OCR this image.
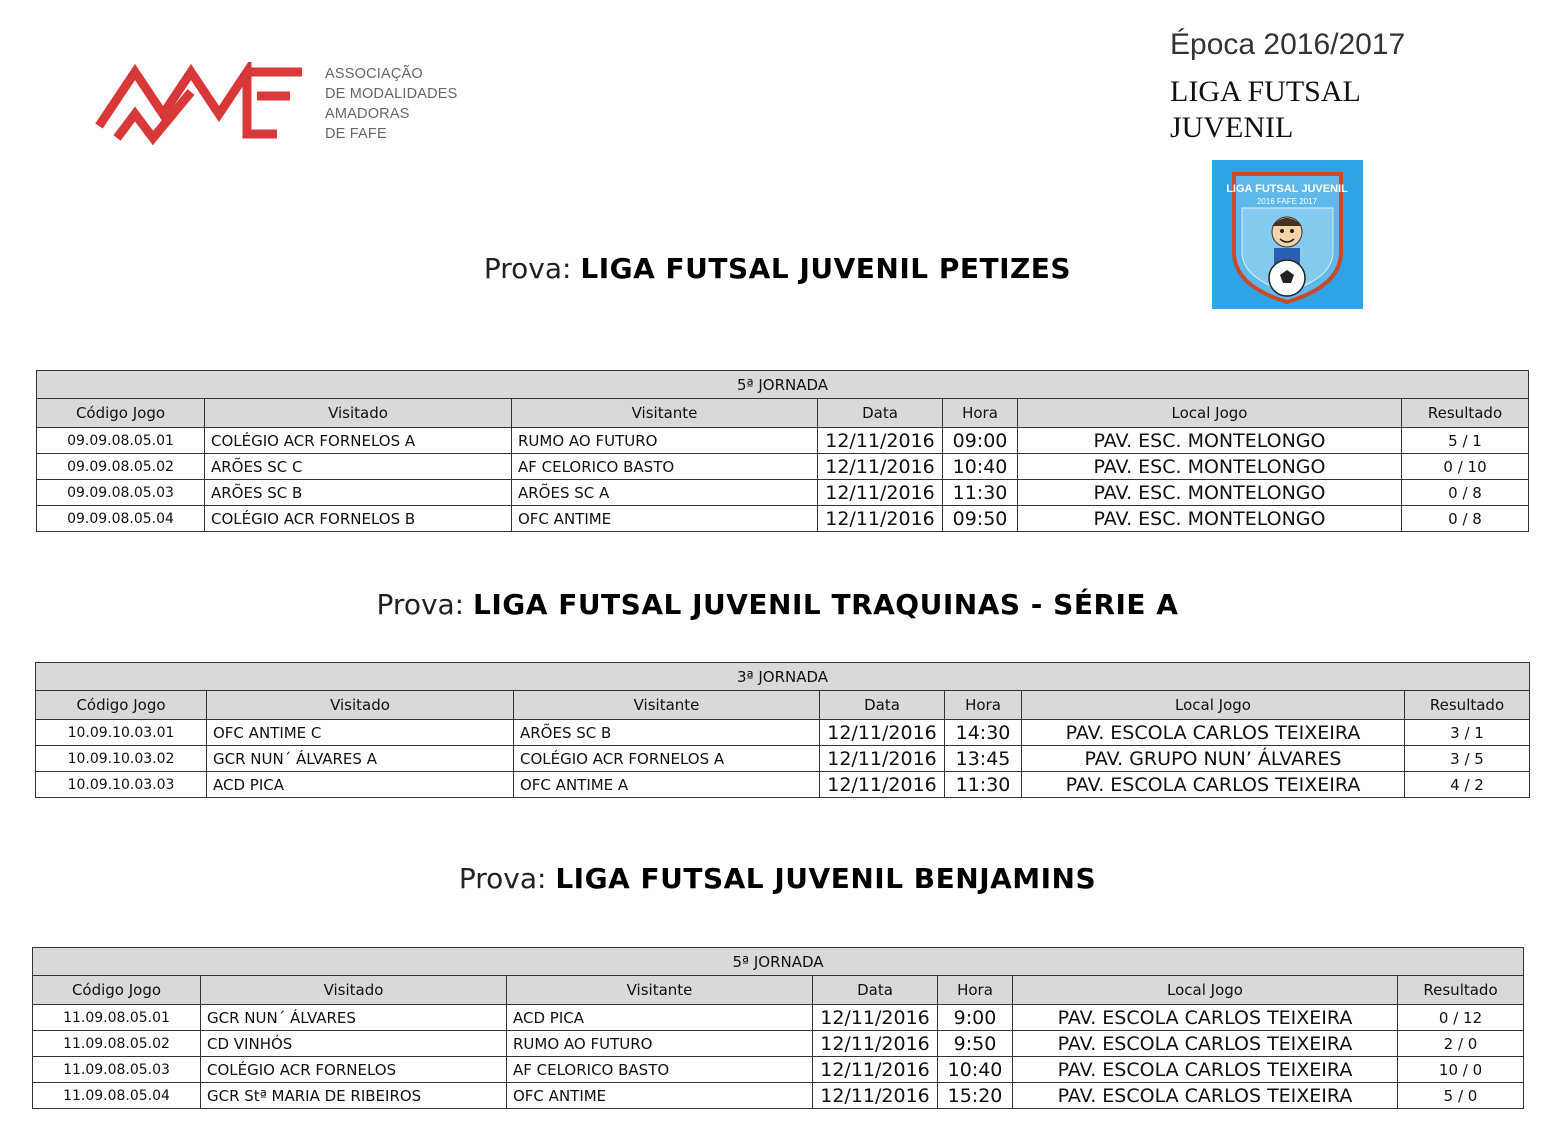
ASSOCIAÇÃO
DE MODALIDADES
AMADORAS
DE FAFE
Época 2016/2017
LIGA FUTSAL JUVENIL
LIGA FUTSAL JUVENIL
2016 FAFE 2017
Prova: LIGA FUTSAL JUVENIL PETIZES
5ª JORNADA						
Código Jogo	Visitado	Visitante	Data	Hora	Local Jogo	Resultado
09.09.08.05.01	COLÉGIO ACR FORNELOS A	RUMO AO FUTURO	12/11/2016	09:00	PAV. ESC. MONTELONGO	5 / 1
09.09.08.05.02	ARÕES SC C	AF CELORICO BASTO	12/11/2016	10:40	PAV. ESC. MONTELONGO	0 / 10
09.09.08.05.03	ARÕES SC B	ARÕES SC A	12/11/2016	11:30	PAV. ESC. MONTELONGO	0 / 8
09.09.08.05.04	COLÉGIO ACR FORNELOS B	OFC ANTIME	12/11/2016	09:50	PAV. ESC. MONTELONGO	0 / 8
Prova: LIGA FUTSAL JUVENIL TRAQUINAS - SÉRIE A
3ª JORNADA						
Código Jogo	Visitado	Visitante	Data	Hora	Local Jogo	Resultado
10.09.10.03.01	OFC ANTIME C	ARÕES SC B	12/11/2016	14:30	PAV. ESCOLA CARLOS TEIXEIRA	3 / 1
10.09.10.03.02	GCR NUN´ ÁLVARES A	COLÉGIO ACR FORNELOS A	12/11/2016	13:45	PAV. GRUPO NUN’ ÁLVARES	3 / 5
10.09.10.03.03	ACD PICA	OFC ANTIME A	12/11/2016	11:30	PAV. ESCOLA CARLOS TEIXEIRA	4 / 2
Prova: LIGA FUTSAL JUVENIL BENJAMINS
5ª JORNADA						
Código Jogo	Visitado	Visitante	Data	Hora	Local Jogo	Resultado
11.09.08.05.01	GCR NUN´ ÁLVARES	ACD PICA	12/11/2016	9:00	PAV. ESCOLA CARLOS TEIXEIRA	0 / 12
11.09.08.05.02	CD VINHÓS	RUMO AO FUTURO	12/11/2016	9:50	PAV. ESCOLA CARLOS TEIXEIRA	2 / 0
11.09.08.05.03	COLÉGIO ACR FORNELOS	AF CELORICO BASTO	12/11/2016	10:40	PAV. ESCOLA CARLOS TEIXEIRA	10 / 0
11.09.08.05.04	GCR Stª MARIA DE RIBEIROS	OFC ANTIME	12/11/2016	15:20	PAV. ESCOLA CARLOS TEIXEIRA	5 / 0
